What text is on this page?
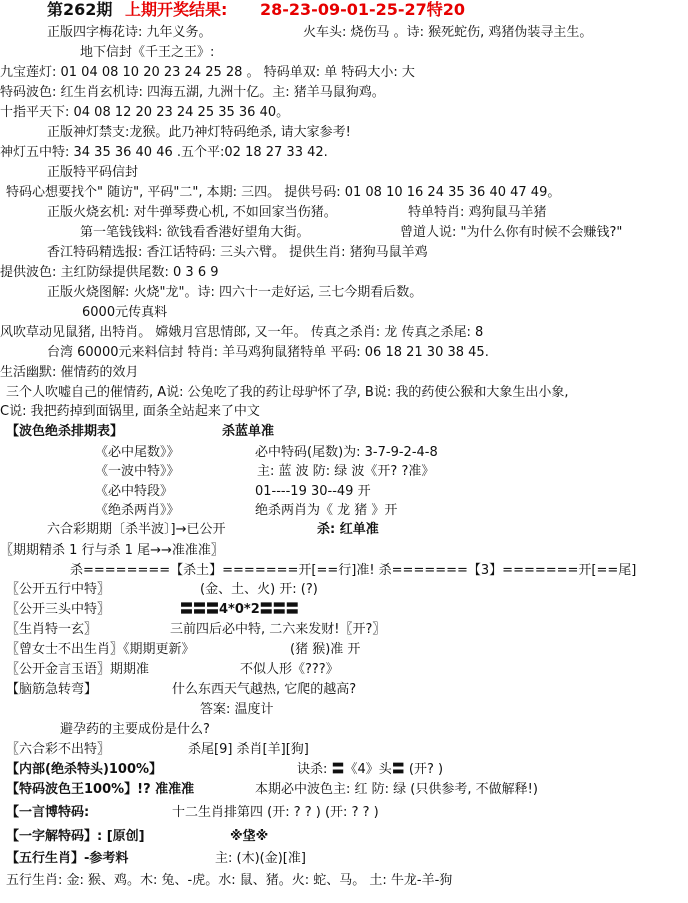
第262期 上期开奖结果: 28-23-09-01-25-27特20
正版四字梅花诗: 九年义务。	火车头: 烧伤马 。诗: 猴死蛇伤, 鸡猪伪装寻主生。
地下信封《千王之王》:
九宝莲灯: 01 04 08 10 20 23 24 25 28 。 特码单双: 单 特码大小: 大
特码波色: 红生肖玄机诗: 四海五湖, 九洲十亿。主: 猪羊马鼠狗鸡。
十指平天下: 04 08 12 20 23 24 25 35 36 40。
正版神灯禁支:龙猴。此乃神灯特码绝杀, 请大家参考!
神灯五中特: 34 35 36 40 46 .五个平:02 18 27 33 42.
正版特平码信封
特码心想要找个" 随访", 平码"二", 本期: 三四。 提供号码: 01 08 10 16 24 35 36 40 47 49。
正版火烧玄机: 对牛弹琴费心机, 不如回家当伤猪。	特单特肖: 鸡狗鼠马羊猪
第一笔钱钱料: 欲钱看香港好望角大街。	曾道人说: "为什么你有时候不会赚钱?"
香江特码精选报: 香江话特码: 三头六臂。 提供生肖: 猪狗马鼠羊鸡
提供波色: 主红防绿提供尾数: 0 3 6 9
正版火烧图解: 火烧"龙"。诗: 四六十一走好运, 三七今期看后数。
6000元传真料
风吹草动见鼠猪, 出特肖。 嫦娥月宫思情郎, 又一年。 传真之杀肖: 龙 传真之杀尾: 8
台湾 60000元来料信封 特肖: 羊马鸡狗鼠猪特单 平码: 06 18 21 30 38 45.
生活幽默: 催情药的效月
三个人吹嘘自己的催情药, A说: 公兔吃了我的药让母驴怀了孕, B说: 我的药使公猴和大象生出小象,
C说: 我把药掉到面锅里, 面条全站起来了中文
【波色绝杀排期表】	杀蓝单准
《必中尾数》》	必中特码(尾数)为: 3-7-9-2-4-8
《一波中特》》	主: 蓝 波 防: 绿 波《开? ?准》
《必中特段》	01----19 30--49 开
《绝杀两肖》》	绝杀两肖为《 龙 猪 》开
六合彩期期〔杀半波〕]→已公开	杀: 红单准
〖期期精杀 1 行与杀 1 尾→→准准准〗
杀========【杀土】=======开[==行]准! 杀=======【3】=======开[==尾]
〖公开五行中特〗	(金、土、火) 开: (?)
〖公开三头中特〗	〓〓〓4*0*2〓〓〓
〖生肖特一玄〗	三前四后必中特, 二六来发财!〖开?〗
〖曾女士不出生肖〗《期期更新》	(猪 猴)准 开
〖公开金言玉语〗期期准	不似人形《???》
【脑筋急转弯】	什么东西天气越热, 它爬的越高?
答案: 温度计
避孕药的主要成份是什么?
〖六合彩不出特〗	杀尾[9] 杀肖[羊][狗]
【内部(绝杀特头)100%】	诀杀: 〓《4》头〓 (开? )
【特码波色王100%】!? 准准准	本期必中波色主: 红 防: 绿 (只供参考, 不做解释!)
【一言博特码:	十二生肖排第四 (开: ? ? ) (开: ? ? )
【一字解特码】: [原创]	※垡※
【五行生肖】-参考料	主: (木)(金)[准]
五行生肖: 金: 猴、鸡。木: 兔、-虎。水: 鼠、猪。火: 蛇、马。 土: 牛龙-羊-狗
